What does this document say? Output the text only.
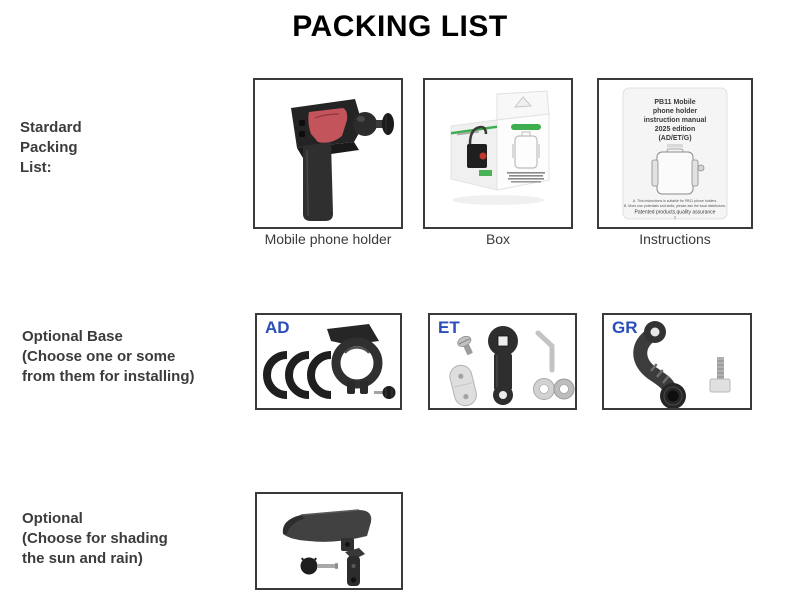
PACKING LIST
Stardard
Packing
List:
Optional Base
(Choose one or some
from them for installing)
Optional
(Choose for shading
the sun and rain)
PB11 Mobile
phone holder
instruction manual
2025 edition
(AD/ET/G)
A. This instructions is suitable for PB11 phone holders.
B. More use potentials and skills, please ask the local distributors.
Patented products,quality assurance
1
Mobile phone holder	Box	Instructions
AD	ET	GR
